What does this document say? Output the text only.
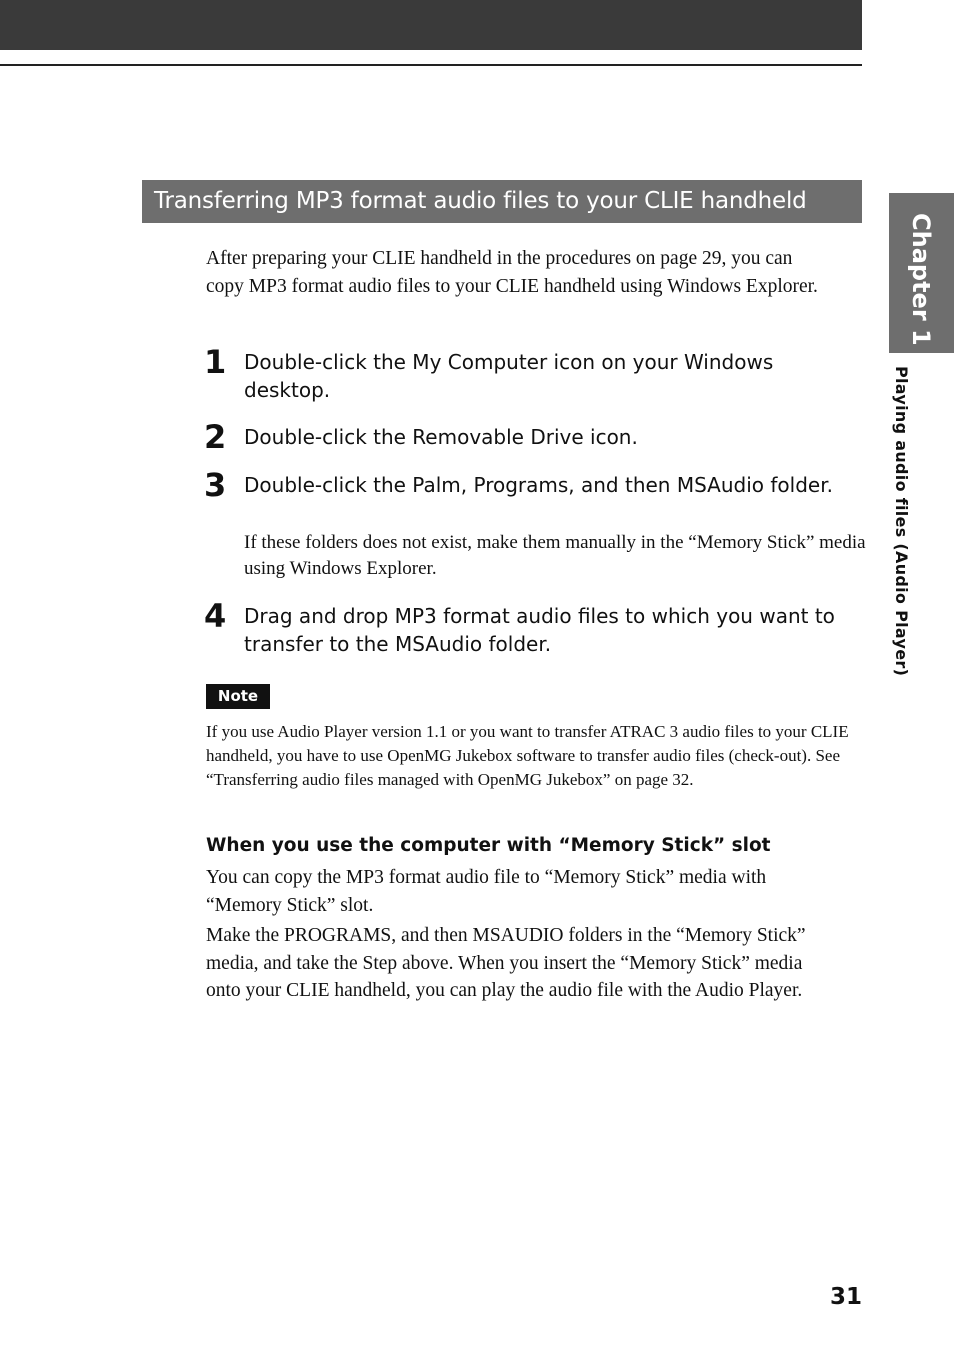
Transferring MP3 format audio files to your CLIE handheld

After preparing your CLIE handheld in the procedures on page 29, you can copy MP3 format audio files to your CLIE handheld using Windows Explorer.

1 Double-click the My Computer icon on your Windows desktop.
2 Double-click the Removable Drive icon.
3 Double-click the Palm, Programs, and then MSAudio folder.
If these folders does not exist, make them manually in the “Memory Stick” media using Windows Explorer.
4 Drag and drop MP3 format audio files to which you want to transfer to the MSAudio folder.
Note

If you use Audio Player version 1.1 or you want to transfer ATRAC 3 audio files to your CLIE handheld, you have to use OpenMG Jukebox software to transfer audio files (check-out). See “Transferring audio files managed with OpenMG Jukebox” on page 32.

When you use the computer with “Memory Stick” slot

You can copy the MP3 format audio file to “Memory Stick” media with “Memory Stick” slot.

Make the PROGRAMS, and then MSAUDIO folders in the “Memory Stick” media, and take the Step above. When you insert the “Memory Stick” media onto your CLIE handheld, you can play the audio file with the Audio Player.

Chapter 1
Playing audio files (Audio Player)
31
